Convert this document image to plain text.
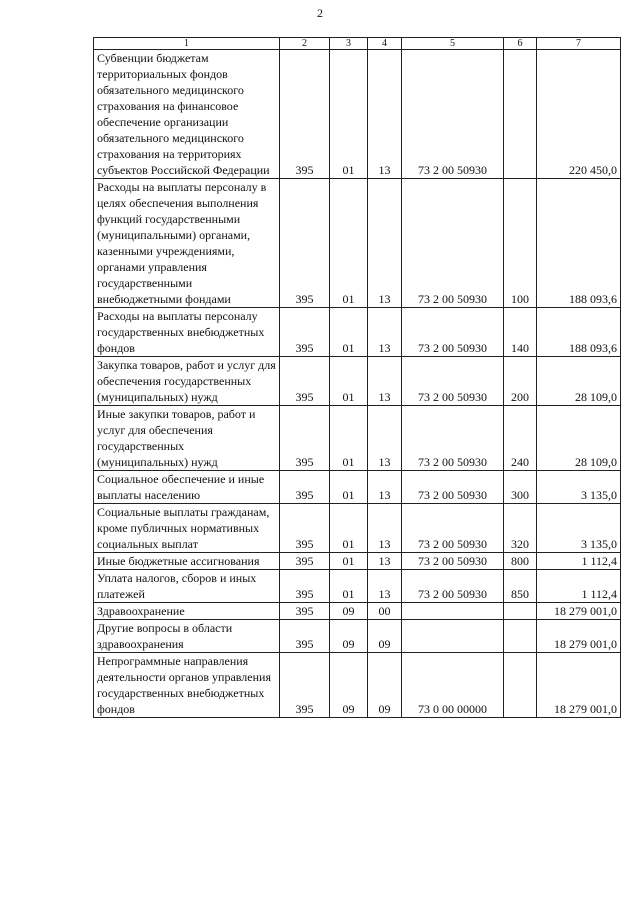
2
1	2	3	4	5	6	7
Субвенции бюджетам территориальных фондов обязательного медицинского страхования на финансовое обеспечение организации обязательного медицинского страхования на территориях субъектов Российской Федерации	395	01	13	73 2 00 50930		220 450,0
Расходы на выплаты персоналу в целях обеспечения выполнения функций государственными (муниципальными) органами, казенными учреждениями, органами управления государственными внебюджетными фондами	395	01	13	73 2 00 50930	100	188 093,6
Расходы на выплаты персоналу государственных внебюджетных фондов	395	01	13	73 2 00 50930	140	188 093,6
Закупка товаров, работ и услуг для обеспечения государственных (муниципальных) нужд	395	01	13	73 2 00 50930	200	28 109,0
Иные закупки товаров, работ и услуг для обеспечения государственных (муниципальных) нужд	395	01	13	73 2 00 50930	240	28 109,0
Социальное обеспечение и иные выплаты населению	395	01	13	73 2 00 50930	300	3 135,0
Социальные выплаты гражданам, кроме публичных нормативных социальных выплат	395	01	13	73 2 00 50930	320	3 135,0
Иные бюджетные ассигнования	395	01	13	73 2 00 50930	800	1 112,4
Уплата налогов, сборов и иных платежей	395	01	13	73 2 00 50930	850	1 112,4
Здравоохранение	395	09	00			18 279 001,0
Другие вопросы в области здравоохранения	395	09	09			18 279 001,0
Непрограммные направления деятельности органов управления государственных внебюджетных фондов	395	09	09	73 0 00 00000		18 279 001,0
